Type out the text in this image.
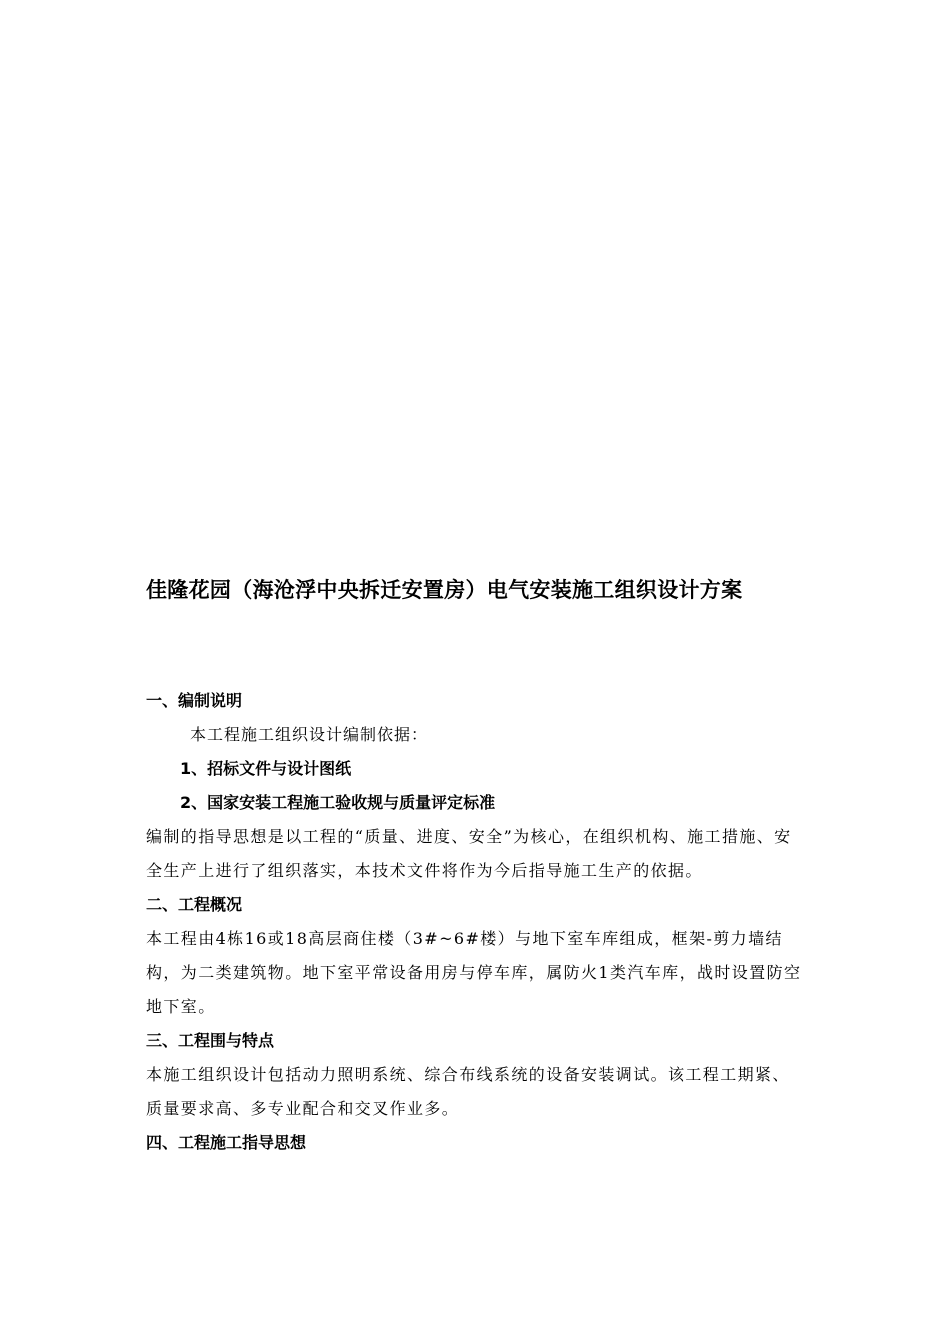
佳隆花园（海沧浮中央拆迁安置房）电气安装施工组织设计方案
一、编制说明

本工程施工组织设计编制依据：

1、招标文件与设计图纸

2、国家安装工程施工验收规与质量评定标准

编制的指导思想是以工程的“质量、进度、安全”为核心，在组织机构、施工措施、安全生产上进行了组织落实，本技术文件将作为今后指导施工生产的依据。

二、工程概况

本工程由4栋16或18高层商住楼（3#~6#楼）与地下室车库组成，框架-剪力墙结构，为二类建筑物。地下室平常设备用房与停车库，属防火1类汽车库，战时设置防空地下室。

三、工程围与特点

本施工组织设计包括动力照明系统、综合布线系统的设备安装调试。该工程工期紧、质量要求高、多专业配合和交叉作业多。

四、工程施工指导思想
